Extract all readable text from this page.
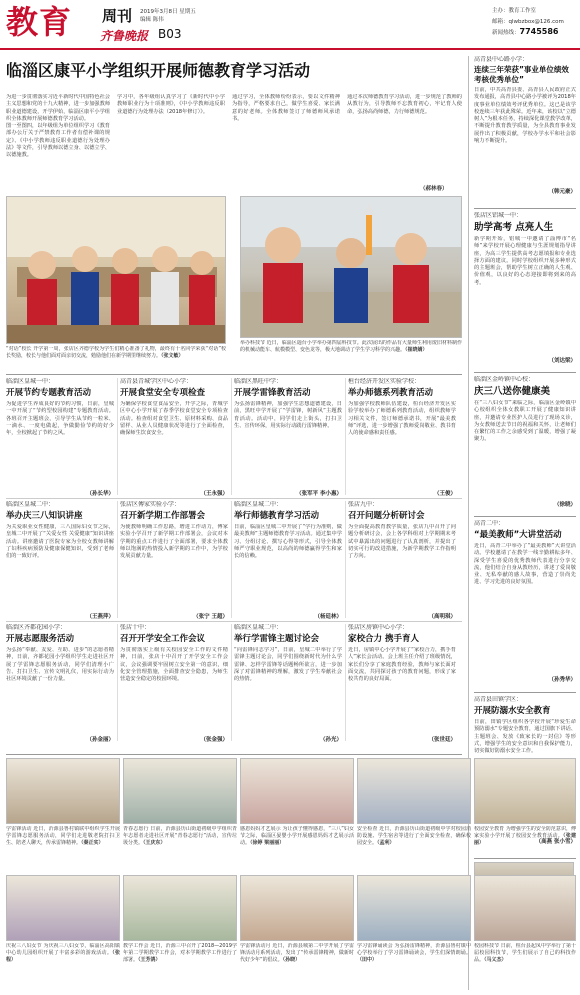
教育 周刊 2019年3月8日 星期五
编辑 陈伟
齐鲁晚报 B03
主办：教育工作室
邮箱：qlwbzbox@126.com
新闻热线：7745586
临淄区康平小学组织开展师德教育学习活动
为进一步贯彻落实习近平新时代中国特色社会主义思想和党的十九大精神，进一步加强教师职业道德建设，开学伊始，临淄区康平小学组织全体教师开展师德教育学习活动。
图一至图四，以年级组为单位组织学习《教育部办公厅关于严禁教育工作者有偿补课的规定》、《中小学教师违反职业道德行为处理办法》等文件，引导教师以德立身、以德立学、以德施教。
学习中，各年级组认真学习了《新时代中小学教师职业行为十项准则》，《中小学教师违反职业道德行为处理办法（2018年修订）》。
通过学习，全体教师纷纷表示，要以文件精神为指导，严格要求自己，做学生喜爱、家长满意的好老师。全体教师签订了师德师风承诺书。
通过本次师德教育学习活动，进一步规范了教师的从教行为，引导教师不忘教育初心，牢记育人使命，弘扬高尚师德，力行师德规范。
（郝林春）
“对话”校长 开学第一周，张店区齐德学校为学生们精心准备了礼物，最终有十名同学荣获“对话”校长奖励，校长与他们面对面亲切交流，勉励他们在新学期里继续努力。（张文敏）
举办科技节 近日，临淄区遄台小学举办第四届科技节。此次展出的作品有大量师生利用废旧材料制作的机械动能车、航模模型、变色龙等，极大地调动了学生学习科学的兴趣。（崔晓婧）
高青县中心路小学：
连续三年荣获”事业单位绩效考核优秀单位”
日前，中共高青县委、高青县人民政府正式发布通报，高青县中心路小学被评为2018年度事业单位绩效考评优秀单位。这已是该学校连续三年获此殊荣。近年来，该校以“立德树人”为根本任务，持续深化课堂教学改革，不断提升教育教学质量，为全县教育事业发展作出了积极贡献，学校办学水平和社会影响力不断提升。
（韩元豪）
张店区铝城一中：
助学高考 点亮人生
新学期开始，铝城一中邀请了淄博市“名师”来学校开展心理健康与生涯规划指导讲座，为高三学生提供高考志愿填报和专业选择方面的建议。同时学校组织开展多种形式的主题班会，帮助学生树立正确的人生观、价值观，以良好的心态迎接即将到来的高考。
（刘达梁）
临淄区金岭镇中心校：
庆三八送你健康美
在“三八妇女节”来临之际，临淄区金岭镇中心校组织全体女教职工开展了健康知识讲座，并邀请专业医护人员进行了现场义诊，为女教师送去节日的祝福和关怀，让老师们在繁忙的工作之余感受到了温暖，增强了凝聚力。
（徐晓）
高青二中：
“最美教师”大讲堂活动
近日，高青二中举办了“最美教师”大讲堂活动。学校邀请了在教学一线辛勤耕耘多年、深受学生喜爱的优秀教师代表进行分享交流，他们结合自身从教经历，讲述了爱岗敬业、无私奉献的感人故事，营造了崇尚先进、学习先进的良好氛围。
（孙秀华）
高青县田镇学区：
开展防溺水安全教育
日前，田镇学区组织各学校开展“珍爱生命 预防溺水”专题安全教育，通过国旗下讲话、主题班会、发放《致家长的一封信》等形式，增强学生的安全意识和自我保护能力，切实做好防溺水安全工作。
（高燕 张小雪）
临淄区皇城一中：
开展节约专题教育活动
为促进学生养成良好的节约习惯，日前，皇城一中开展了“节约型校园构建”专题教育活动。各班召开主题班会，引导学生从节约一粒米、一滴水、一度电做起，争做勤俭节约的好少年，全校掀起了节约之风。
（孙长华）
高青县青城学区中心小学：
开展食堂安全专项检查
为确保学校食堂食品安全，开学之际，青城学区中心小学开展了春季学校食堂安全专项检查活动。检查组对食堂卫生、原材料采购、食品留样、从业人员健康状况等进行了全面检查，确保师生饮食安全。
（王永强）
临淄区黑旺中学：
开展学雷锋教育活动
为弘扬雷锋精神，加强学生思想道德建设，日前，黑旺中学开展了“学雷锋，树新风”主题教育活动。活动中，同学们走上街头，打扫卫生、宣传环保，用实际行动践行雷锋精神。
（张军平 李小惠）
桓台经济开发区实验学校：
举办师德系列教育活动
为加强学校教师队伍建设，桓台经济开发区实验学校举办了师德系列教育活动，组织教师学习相关文件，签订师德承诺书，开展“最美教师”评选，进一步增强了教师爱岗敬业、教书育人的使命感和责任感。
（王俊）
临淄区皇城二中：
举办庆三八知识讲座
为关爱职业女性健康，三八国际妇女节之际，皇城二中开展了“关爱女性 关爱健康”知识讲座活动。讲座邀请了医院专家为全校女教师讲解了妇科疾病预防及健康保健知识，受到了老师们的一致好评。
（王燕萍）
张店区傅家实验小学：
召开新学期工作部署会
为使教师明确工作思路，增进工作动力，傅家实验小学召开了新学期工作部署会，会议对本学期的重点工作进行了全面部署，要求全体教师以饱满的热情投入新学期的工作中，为学校发展贡献力量。
（张宁 王超）
临淄区皇城二中：
举行师德教育学习活动
日前，临淄区皇城二中开展了“学行为准则，做最美教师”主题师德教育学习活动。通过集中学习、分组讨论、撰写心得等形式，引导全体教师严守职业规范，以高尚的师德赢得学生和家长的信赖。
（杨廷林）
张店九中：
召开问题分析研讨会
为全面提高教育教学质量，张店九中召开了问题分析研讨会，会上各学科组对上学期期末考试中暴露出的问题进行了认真剖析，并提出了切实可行的改进措施，为新学期教学工作指明了方向。
（高明琪）
临淄区齐都花园小学：
开展志愿服务活动
为弘扬“奉献、友爱、互助、进步”的志愿者精神，日前，齐都花园小学组织学生走进社区开展了学雷锋志愿服务活动，同学们清理小广告、打扫卫生、宣传文明礼仪，用实际行动为社区环境贡献了一份力量。
（孙金丽）
张店十中：
召开开学安全工作会议
为贯彻落实上级有关校园安全工作的文件精神，日前，张店十中召开了开学安全工作会议，会议强调要牢固树立安全第一的意识，细化安全管理措施，全面排查安全隐患，为师生营造安全稳定的校园环境。
（张金强）
临淄区皇城二中：
举行学雷锋主题讨论会
“向雷锋同志学习”，日前，皇城二中举行了学雷锋主题讨论会，同学们围绕新时代为什么学雷锋、怎样学雷锋等话题畅所欲言，进一步加深了对雷锋精神的理解，激发了学生奉献社会的热情。
（孙光）
张店区房镇中心小学：
家校合力 携手育人
近日，房镇中心小学开展了“家校合力，携手育人”家长会活动。会上班主任介绍了班级情况，家长们分享了家庭教育经验，教师与家长面对面交流，共同探讨孩子的教育问题，形成了家校共育的良好局面。
（张世廷）
学雷锋活动 近日，沂源县鲁村镇联中组织学生开展学雷锋志愿服务活动，同学们走进敬老院打扫卫生、陪老人聊天，传承雷锋精神。（秦正实）
青春志愿行 日前，沂源县历山街道初级中学组织青年志愿者走进社区开展“青春志愿行”活动，宣传垃圾分类。（王庆东）
感恩妈妈才艺展示 为让孩子懂得感恩，“三八”妇女节之际，临淄区晏婴小学开展感恩妈妈才艺展示活动。（徐婷 梁丽丽）
安全检查 近日，沂源县历山街道初级中学对校园消防设施、学生宿舍等进行了全面安全检查，确保校园安全。（孟利）
校园安全教育 为增强学生的安全防范意识，傅家实验小学开展了校园安全教育活动。（张建丽）
庆祝三八妇女节 为庆祝三八妇女节，临淄区高阳镇中心幼儿园组织开展了丰富多彩的游戏活动。（张程）
教学工作会 近日，沂源三中召开了2018—2019学年第二学期教学工作会，对本学期教学工作进行了部署。（王芳鸽）
学雷锋活动月 近日，沂源县城第二中学开展了学雷锋活动月系列活动，发出了“传承雷锋精神，做新时代好少年”的倡议。（孙晓）
学习雷锋诵读会 为弘扬雷锋精神，沂源县鲁村镇中心学校举行了学习雷锋诵读会，学生们深情朗诵。（田中）
校园科技节 日前，桓台县起凤中学举行了第十届校园科技节，学生们展示了自己的科技作品。（马义杰）
